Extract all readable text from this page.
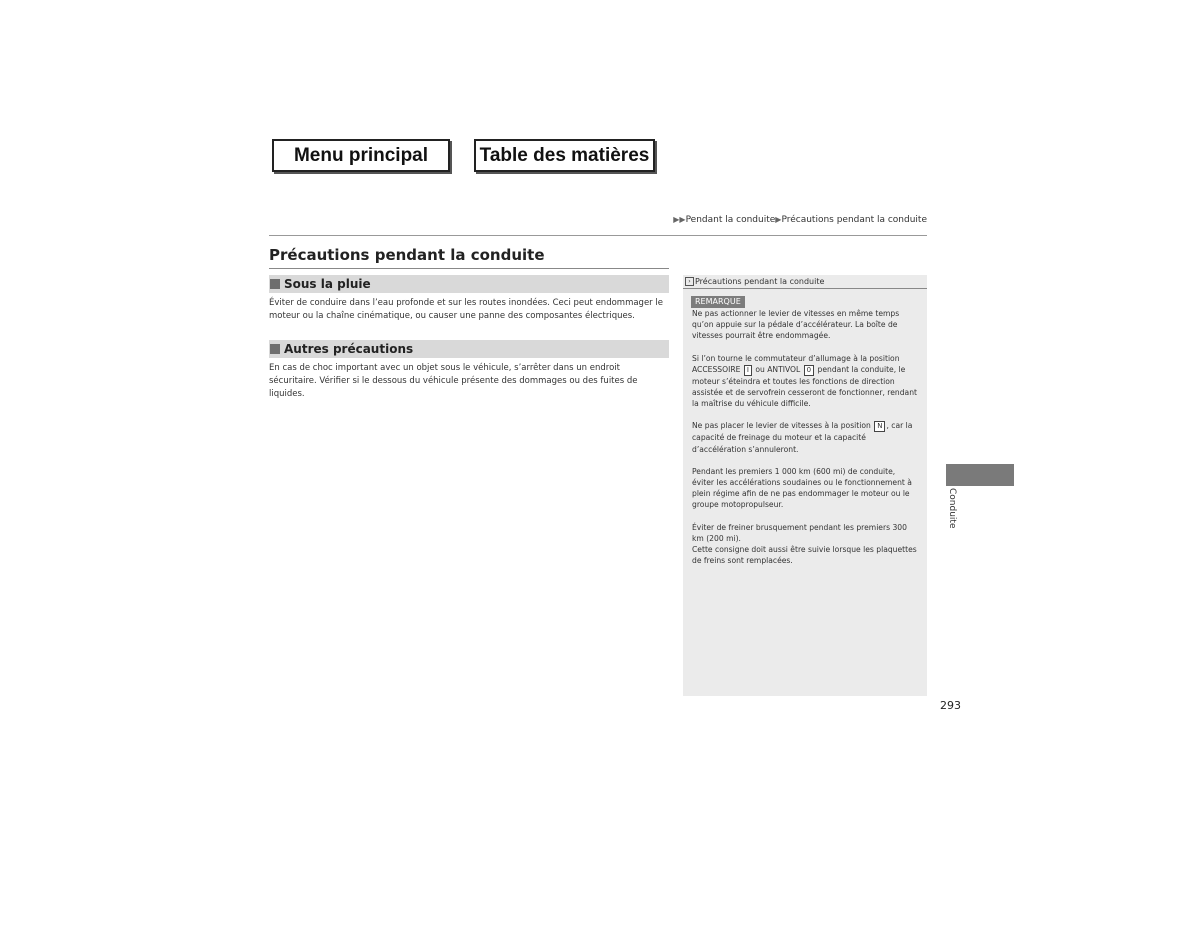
Menu principal	Table des matières
▶▶Pendant la conduite▶Précautions pendant la conduite
Précautions pendant la conduite
Sous la pluie
Éviter de conduire dans l’eau profonde et sur les routes inondées. Ceci peut endommager le moteur ou la chaîne cinématique, ou causer une panne des composantes électriques.
Autres précautions
En cas de choc important avec un objet sous le véhicule, s’arrêter dans un endroit sécuritaire. Vérifier si le dessous du véhicule présente des dommages ou des fuites de liquides.
› Précautions pendant la conduite
REMARQUE

Ne pas actionner le levier de vitesses en même temps qu’on appuie sur la pédale d’accélérateur. La boîte de vitesses pourrait être endommagée.

Si l’on tourne le commutateur d’allumage à la position ACCESSOIRE I ou ANTIVOL 0 pendant la conduite, le moteur s’éteindra et toutes les fonctions de direction assistée et de servofrein cesseront de fonctionner, rendant la maîtrise du véhicule difficile.

Ne pas placer le levier de vitesses à la position N , car la capacité de freinage du moteur et la capacité d’accélération s’annuleront.

Pendant les premiers 1 000 km (600 mi) de conduite, éviter les accélérations soudaines ou le fonctionnement à plein régime afin de ne pas endommager le moteur ou le groupe motopropulseur.

Éviter de freiner brusquement pendant les premiers 300 km (200 mi).

Cette consigne doit aussi être suivie lorsque les plaquettes de freins sont remplacées.

Conduite
293
